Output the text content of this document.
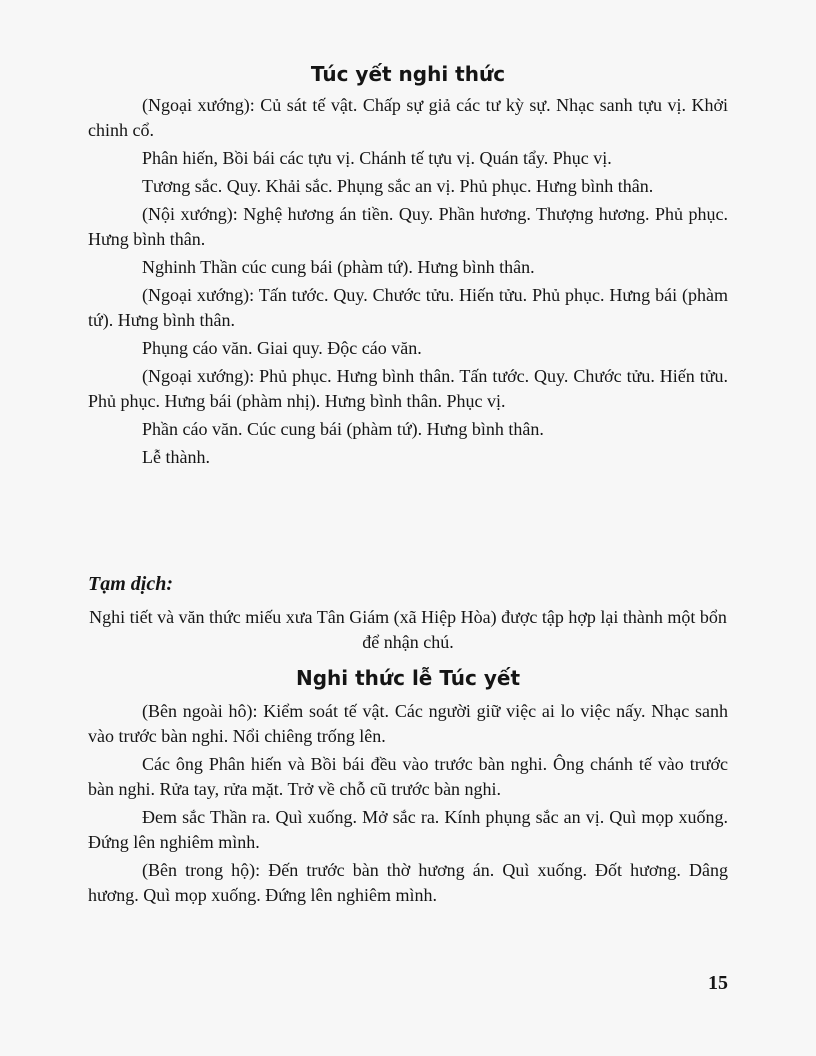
Túc yết nghi thức

(Ngoại xướng): Củ sát tế vật. Chấp sự giả các tư kỳ sự. Nhạc sanh tựu vị. Khởi chinh cổ.

Phân hiến, Bồi bái các tựu vị. Chánh tế tựu vị. Quán tẩy. Phục vị.

Tương sắc. Quy. Khải sắc. Phụng sắc an vị. Phủ phục. Hưng bình thân.

(Nội xướng): Nghệ hương án tiền. Quy. Phần hương. Thượng hương. Phủ phục. Hưng bình thân.

Nghinh Thần cúc cung bái (phàm tứ). Hưng bình thân.

(Ngoại xướng): Tấn tước. Quy. Chước tửu. Hiến tửu. Phủ phục. Hưng bái (phàm tứ). Hưng bình thân.

Phụng cáo văn. Giai quy. Độc cáo văn.

(Ngoại xướng): Phủ phục. Hưng bình thân. Tấn tước. Quy. Chước tửu. Hiến tửu. Phủ phục. Hưng bái (phàm nhị). Hưng bình thân. Phục vị.

Phần cáo văn. Cúc cung bái (phàm tứ). Hưng bình thân.

Lễ thành.

Tạm dịch:
Nghi tiết và văn thức miếu xưa Tân Giám (xã Hiệp Hòa) được tập hợp lại thành một bổn để nhận chú.
Nghi thức lễ Túc yết

(Bên ngoài hô): Kiểm soát tế vật. Các người giữ việc ai lo việc nấy. Nhạc sanh vào trước bàn nghi. Nổi chiêng trống lên.

Các ông Phân hiến và Bồi bái đều vào trước bàn nghi. Ông chánh tế vào trước bàn nghi. Rửa tay, rửa mặt. Trở về chỗ cũ trước bàn nghi.

Đem sắc Thần ra. Quì xuống. Mở sắc ra. Kính phụng sắc an vị. Quì mọp xuống. Đứng lên nghiêm mình.

(Bên trong hộ): Đến trước bàn thờ hương án. Quì xuống. Đốt hương. Dâng hương. Quì mọp xuống. Đứng lên nghiêm mình.

15
